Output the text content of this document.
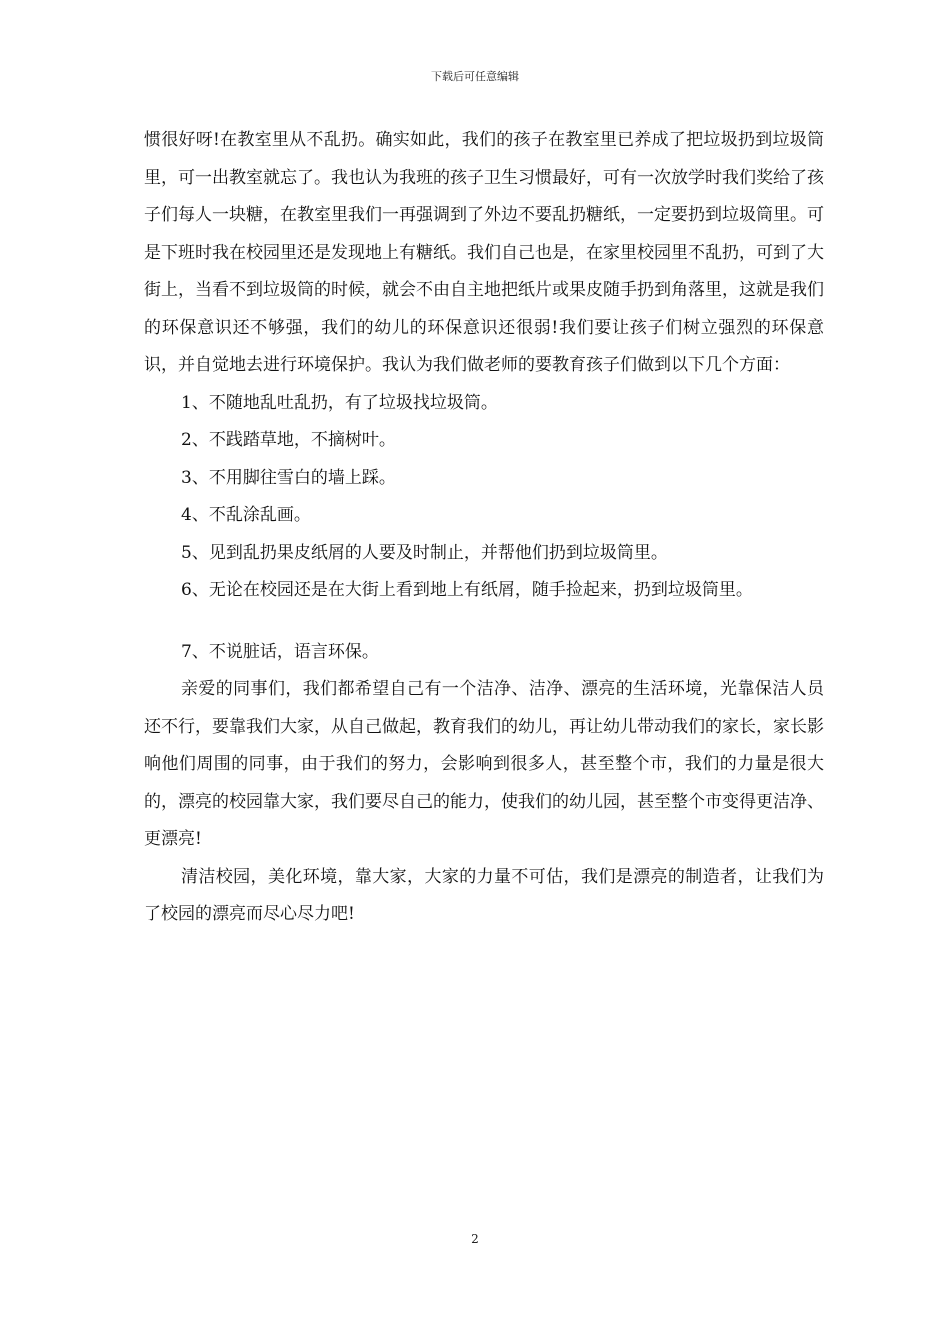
下载后可任意编辑

惯很好呀!在教室里从不乱扔。确实如此，我们的孩子在教室里已养成了把垃圾扔到垃圾筒里，可一出教室就忘了。我也认为我班的孩子卫生习惯最好，可有一次放学时我们奖给了孩子们每人一块糖，在教室里我们一再强调到了外边不要乱扔糖纸，一定要扔到垃圾筒里。可是下班时我在校园里还是发现地上有糖纸。我们自己也是，在家里校园里不乱扔，可到了大街上，当看不到垃圾筒的时候，就会不由自主地把纸片或果皮随手扔到角落里，这就是我们的环保意识还不够强，我们的幼儿的环保意识还很弱!我们要让孩子们树立强烈的环保意识，并自觉地去进行环境保护。我认为我们做老师的要教育孩子们做到以下几个方面：

1、不随地乱吐乱扔，有了垃圾找垃圾筒。

2、不践踏草地，不摘树叶。

3、不用脚往雪白的墙上踩。

4、不乱涂乱画。

5、见到乱扔果皮纸屑的人要及时制止，并帮他们扔到垃圾筒里。

6、无论在校园还是在大街上看到地上有纸屑，随手捡起来，扔到垃圾筒里。

7、不说脏话，语言环保。

亲爱的同事们，我们都希望自己有一个洁净、洁净、漂亮的生活环境，光靠保洁人员还不行，要靠我们大家，从自己做起，教育我们的幼儿，再让幼儿带动我们的家长，家长影响他们周围的同事，由于我们的努力，会影响到很多人，甚至整个市，我们的力量是很大的，漂亮的校园靠大家，我们要尽自己的能力，使我们的幼儿园，甚至整个市变得更洁净、更漂亮!

清洁校园，美化环境，靠大家，大家的力量不可估，我们是漂亮的制造者，让我们为了校园的漂亮而尽心尽力吧!

2
